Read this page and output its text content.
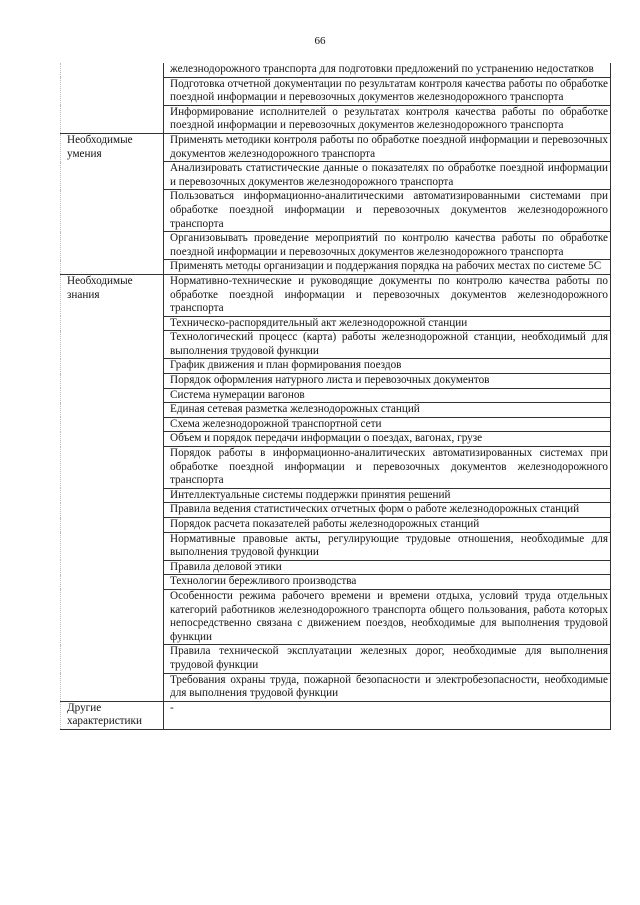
66
	железнодорожного транспорта для подготовки предложений по устранению недостатков
	Подготовка отчетной документации по результатам контроля качества работы по обработке поездной информации и перевозочных документов железнодорожного транспорта
	Информирование исполнителей о результатах контроля качества работы по обработке поездной информации и перевозочных документов железнодорожного транспорта

Необходимые умения	Применять методики контроля работы по обработке поездной информации и перевозочных документов железнодорожного транспорта
	Анализировать статистические данные о показателях по обработке поездной информации и перевозочных документов железнодорожного транспорта
	Пользоваться информационно-аналитическими автоматизированными системами при обработке поездной информации и перевозочных документов железнодорожного транспорта
	Организовывать проведение мероприятий по контролю качества работы по обработке поездной информации и перевозочных документов железнодорожного транспорта
	Применять методы организации и поддержания порядка на рабочих местах по системе 5С

Необходимые знания	Нормативно-технические и руководящие документы по контролю качества работы по обработке поездной информации и перевозочных документов железнодорожного транспорта
	Техническо-распорядительный акт железнодорожной станции
	Технологический процесс (карта) работы железнодорожной станции, необходимый для выполнения трудовой функции
	График движения и план формирования поездов
	Порядок оформления натурного листа и перевозочных документов
	Система нумерации вагонов
	Единая сетевая разметка железнодорожных станций
	Схема железнодорожной транспортной сети
	Объем и порядок передачи информации о поездах, вагонах, грузе
	Порядок работы в информационно-аналитических автоматизированных системах при обработке поездной информации и перевозочных документов железнодорожного транспорта
	Интеллектуальные системы поддержки принятия решений
	Правила ведения статистических отчетных форм о работе железнодорожных станций
	Порядок расчета показателей работы железнодорожных станций
	Нормативные правовые акты, регулирующие трудовые отношения, необходимые для выполнения трудовой функции
	Правила деловой этики
	Технологии бережливого производства
	Особенности режима рабочего времени и времени отдыха, условий труда отдельных категорий работников железнодорожного транспорта общего пользования, работа которых непосредственно связана с движением поездов, необходимые для выполнения трудовой функции
	Правила технической эксплуатации железных дорог, необходимые для выполнения трудовой функции
	Требования охраны труда, пожарной безопасности и электробезопасности, необходимые для выполнения трудовой функции

Другие характеристики	-
